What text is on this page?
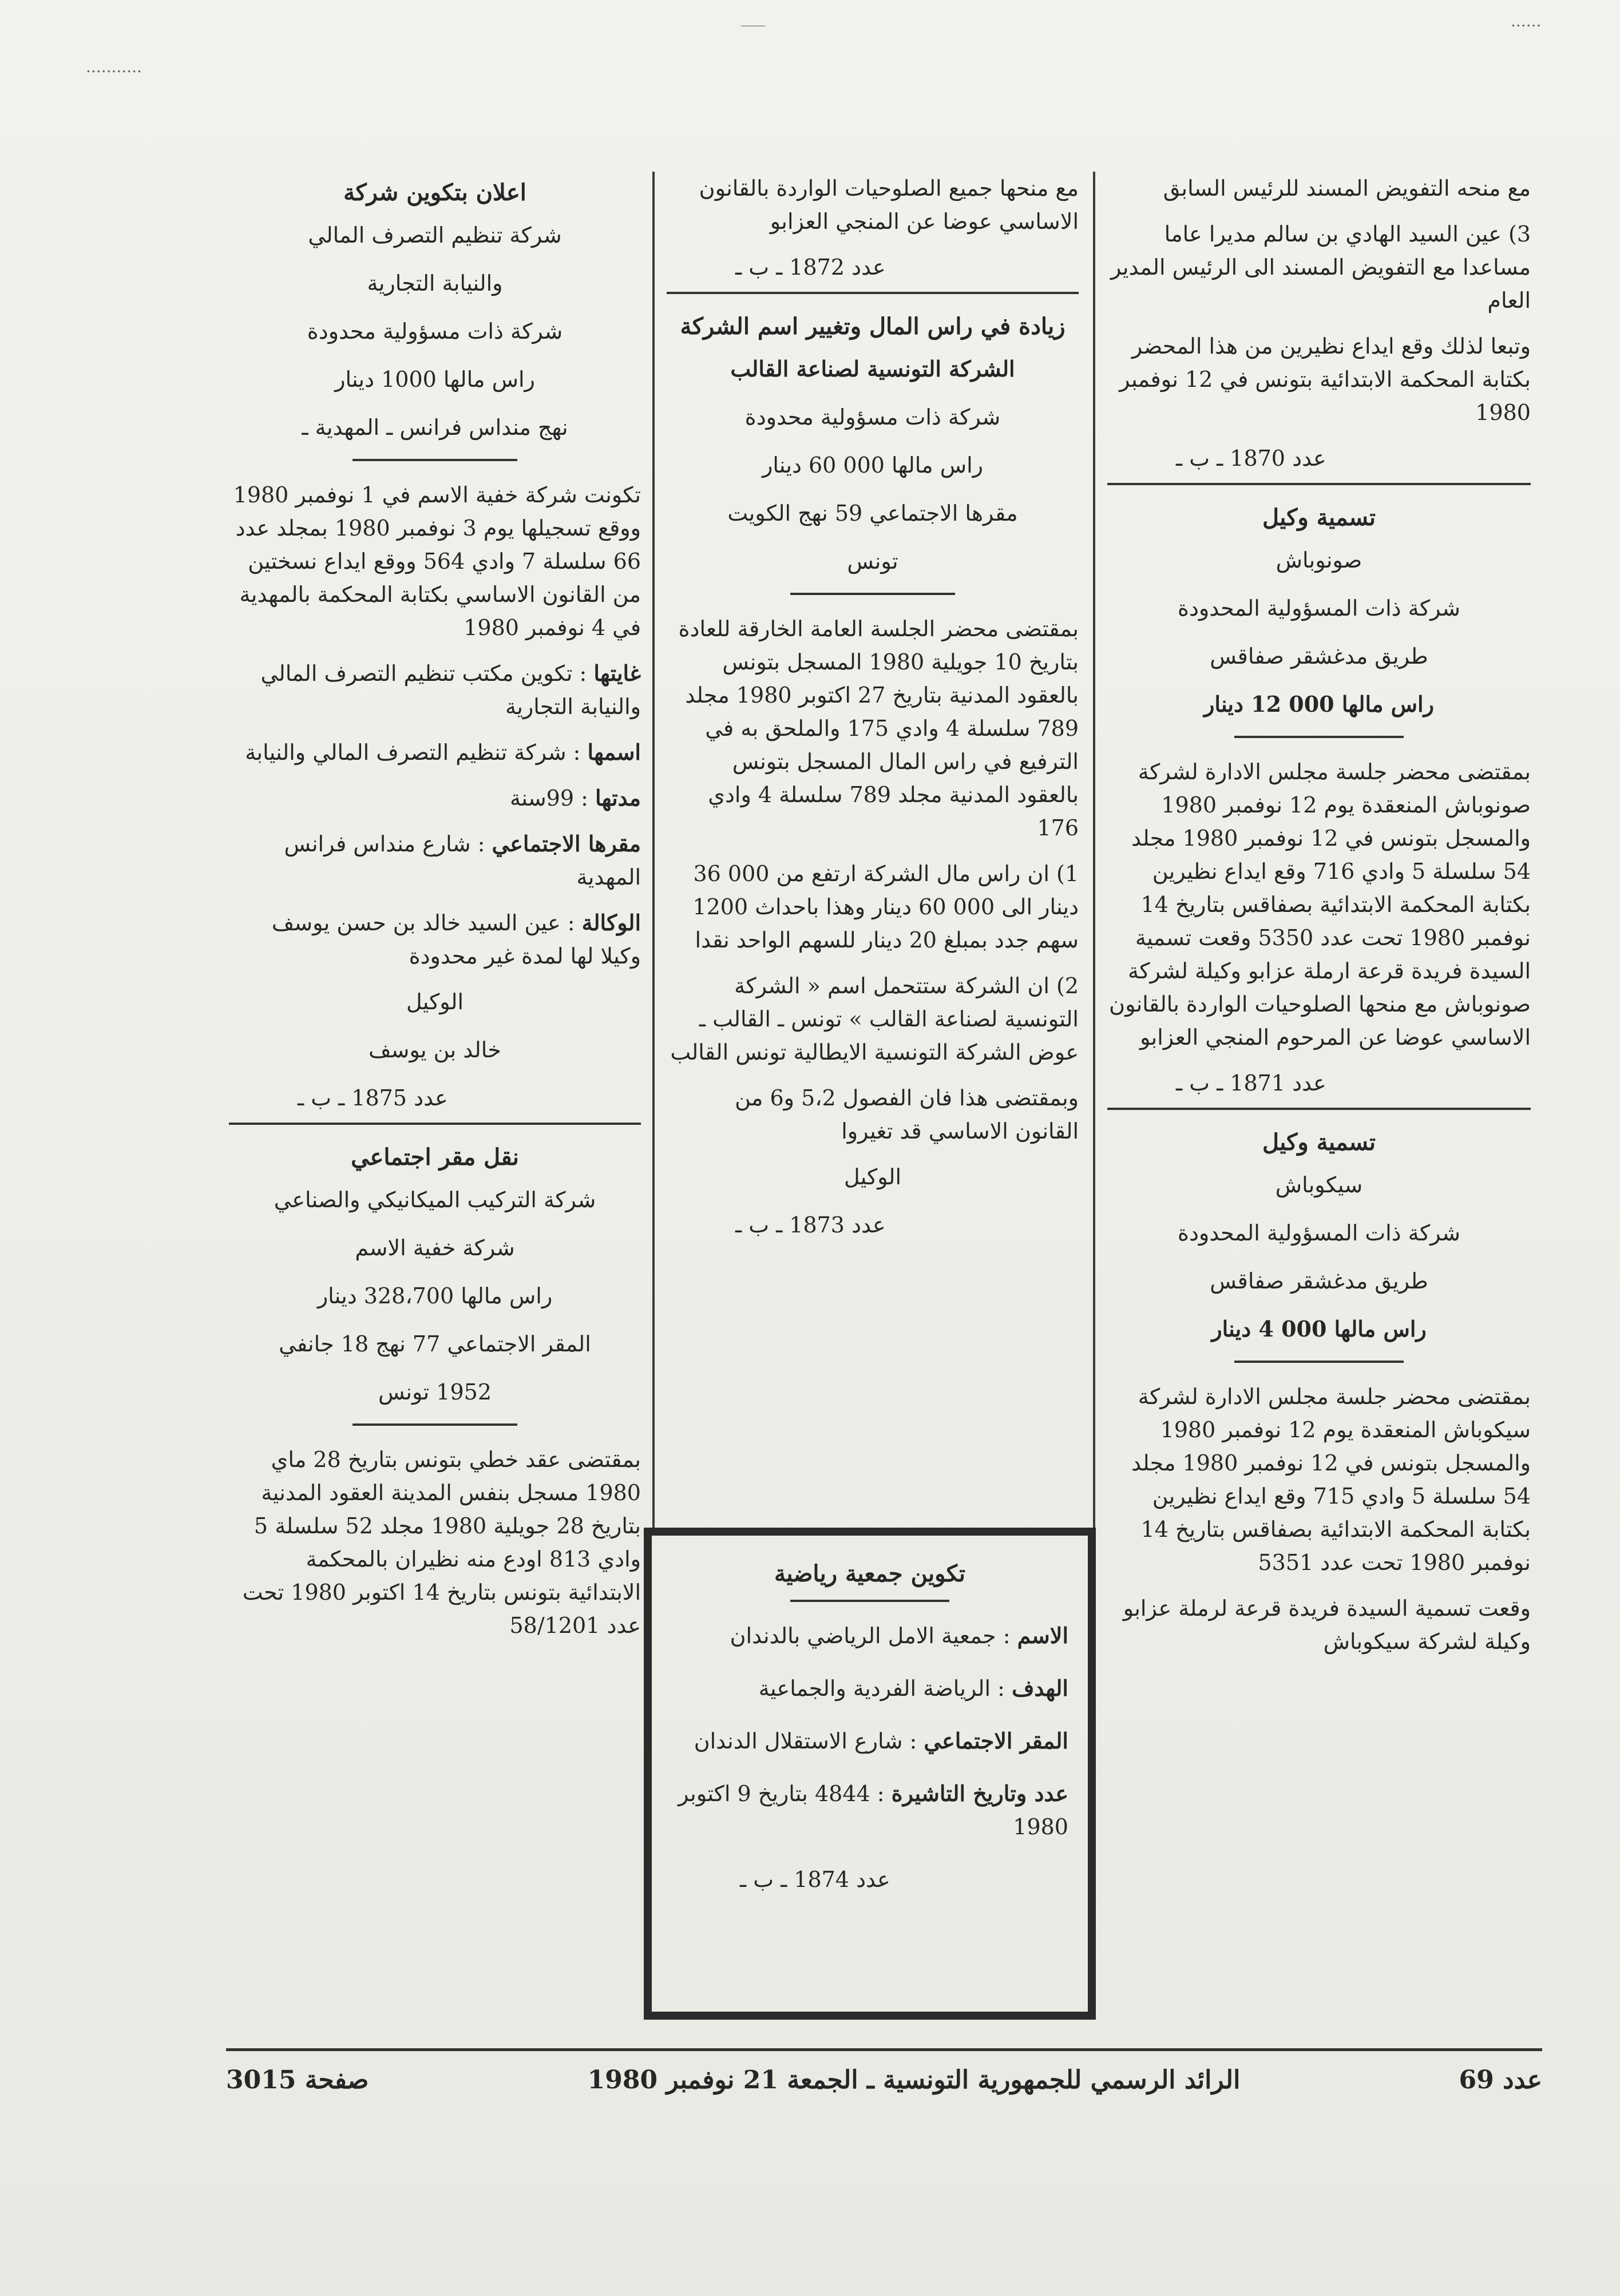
...........
‾‾‾
......

مع منحه التفويض المسند للرئيس السابق

3) عين السيد الهادي بن سالم مديرا عاما مساعدا مع التفويض المسند الى الرئيس المدير العام

وتبعا لذلك وقع ايداع نظيرين من هذا المحضر بكتابة المحكمة الابتدائية بتونس في 12 نوفمبر 1980

عدد 1870 ـ ب ـ
تسمية وكيل
صونوباش
شركة ذات المسؤولية المحدودة
طريق مدغشقر صفاقس
راس مالها 000 12 دينار

بمقتضى محضر جلسة مجلس الادارة لشركة صونوباش المنعقدة يوم 12 نوفمبر 1980 والمسجل بتونس في 12 نوفمبر 1980 مجلد 54 سلسلة 5 وادي 716 وقع ايداع نظيرين بكتابة المحكمة الابتدائية بصفاقس بتاريخ 14 نوفمبر 1980 تحت عدد 5350 وقعت تسمية السيدة فريدة قرعة ارملة عزابو وكيلة لشركة صونوباش مع منحها الصلوحيات الواردة بالقانون الاساسي عوضا عن المرحوم المنجي العزابو

عدد 1871 ـ ب ـ
تسمية وكيل
سيكوباش
شركة ذات المسؤولية المحدودة
طريق مدغشقر صفاقس
راس مالها 000 4 دينار

بمقتضى محضر جلسة مجلس الادارة لشركة سيكوباش المنعقدة يوم 12 نوفمبر 1980 والمسجل بتونس في 12 نوفمبر 1980 مجلد 54 سلسلة 5 وادي 715 وقع ايداع نظيرين بكتابة المحكمة الابتدائية بصفاقس بتاريخ 14 نوفمبر 1980 تحت عدد 5351

وقعت تسمية السيدة فريدة قرعة لرملة عزابو وكيلة لشركة سيكوباش

مع منحها جميع الصلوحيات الواردة بالقانون الاساسي عوضا عن المنجي العزابو

عدد 1872 ـ ب ـ
زيادة في راس المال وتغيير اسم الشركة
الشركة التونسية لصناعة القالب
شركة ذات مسؤولية محدودة
راس مالها 000 60 دينار
مقرها الاجتماعي 59 نهج الكويت
تونس

بمقتضى محضر الجلسة العامة الخارقة للعادة بتاريخ 10 جويلية 1980 المسجل بتونس بالعقود المدنية بتاريخ 27 اكتوبر 1980 مجلد 789 سلسلة 4 وادي 175 والملحق به في الترفيع في راس المال المسجل بتونس بالعقود المدنية مجلد 789 سلسلة 4 وادي 176

1) ان راس مال الشركة ارتفع من 000 36 دينار الى 000 60 دينار وهذا باحداث 1200 سهم جدد بمبلغ 20 دينار للسهم الواحد نقدا

2) ان الشركة ستتحمل اسم « الشركة التونسية لصناعة القالب » تونس ـ القالب ـ عوض الشركة التونسية الايطالية تونس القالب

وبمقتضى هذا فان الفصول 5،2 و6 من القانون الاساسي قد تغيروا

الوكيل
عدد 1873 ـ ب ـ
تكوين جمعية رياضية

الاسم : جمعية الامل الرياضي بالدندان

الهدف : الرياضة الفردية والجماعية

المقر الاجتماعي : شارع الاستقلال الدندان

عدد وتاريخ التاشيرة : 4844 بتاريخ 9 اكتوبر 1980

عدد 1874 ـ ب ـ
اعلان بتكوين شركة
شركة تنظيم التصرف المالي
والنيابة التجارية
شركة ذات مسؤولية محدودة
راس مالها 1000 دينار
نهج منداس فرانس ـ المهدية ـ

تكونت شركة خفية الاسم في 1 نوفمبر 1980 ووقع تسجيلها يوم 3 نوفمبر 1980 بمجلد عدد 66 سلسلة 7 وادي 564 ووقع ايداع نسختين من القانون الاساسي بكتابة المحكمة بالمهدية في 4 نوفمبر 1980

غايتها : تكوين مكتب تنظيم التصرف المالي والنيابة التجارية

اسمها : شركة تنظيم التصرف المالي والنيابة

مدتها : 99سنة

مقرها الاجتماعي : شارع منداس فرانس المهدية

الوكالة : عين السيد خالد بن حسن يوسف وكيلا لها لمدة غير محدودة

الوكيل
خالد بن يوسف
عدد 1875 ـ ب ـ
نقل مقر اجتماعي
شركة التركيب الميكانيكي والصناعي
شركة خفية الاسم
راس مالها 328،700 دينار
المقر الاجتماعي 77 نهج 18 جانفي
1952 تونس

بمقتضى عقد خطي بتونس بتاريخ 28 ماي 1980 مسجل بنفس المدينة العقود المدنية بتاريخ 28 جويلية 1980 مجلد 52 سلسلة 5 وادي 813 اودع منه نظيران بالمحكمة الابتدائية بتونس بتاريخ 14 اكتوبر 1980 تحت عدد 58/1201

عدد 69
الرائد الرسمي للجمهورية التونسية ـ الجمعة 21 نوفمبر 1980
صفحة 3015
